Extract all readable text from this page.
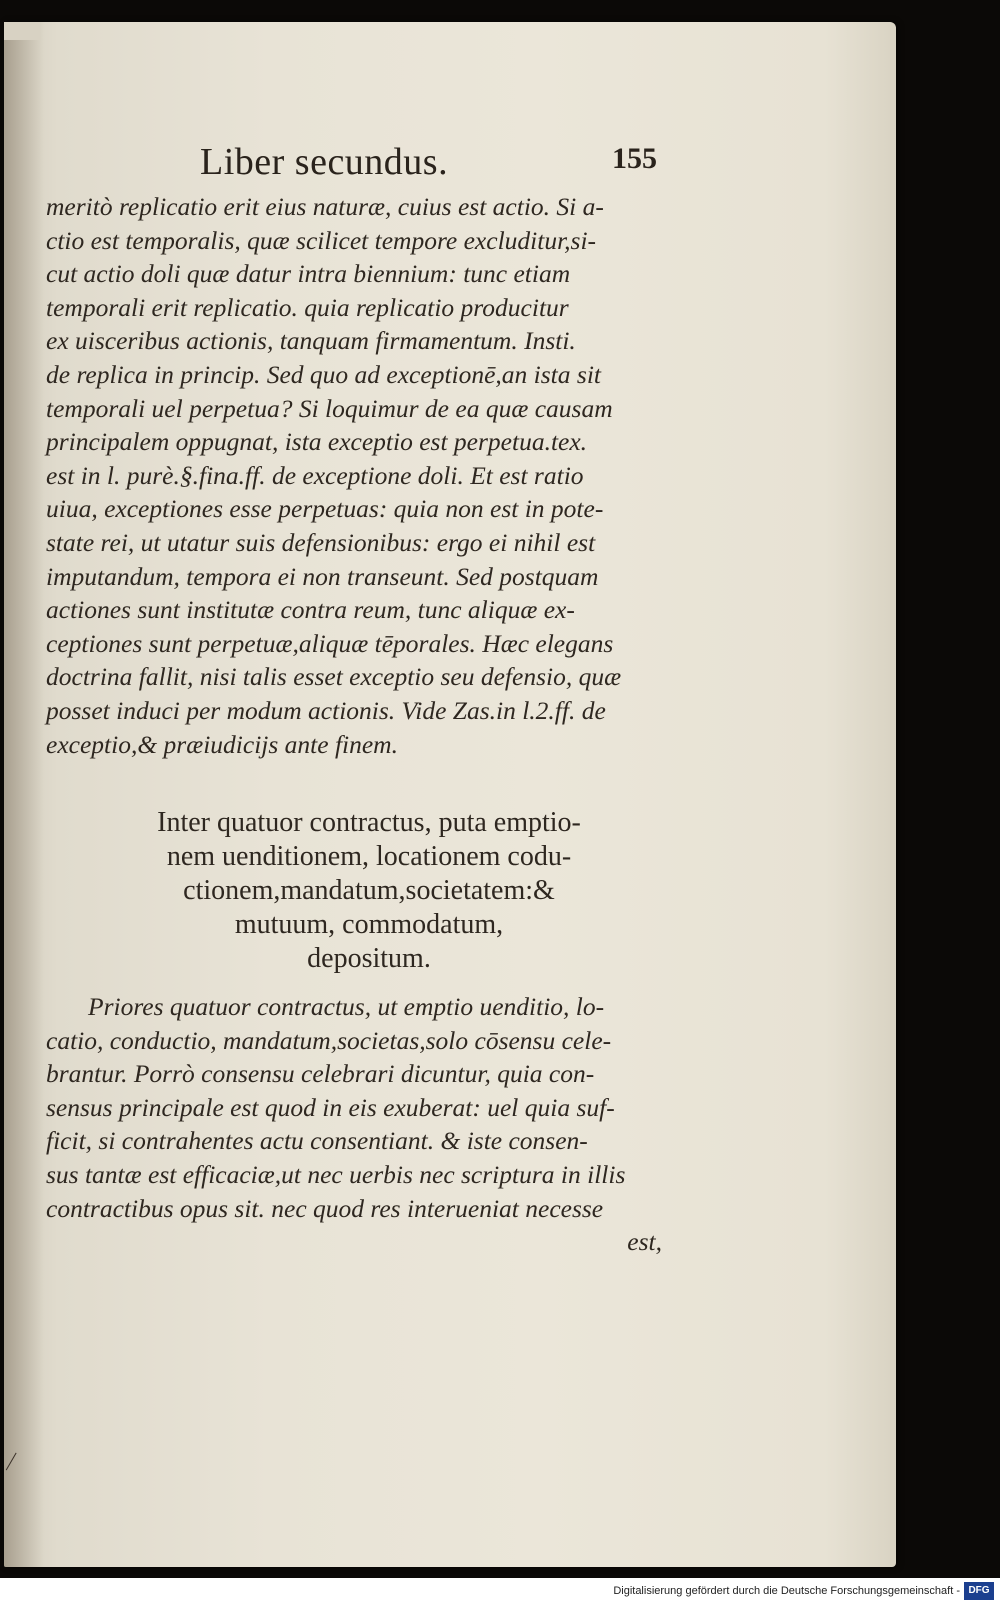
Liber secundus.	155
meritò replicatio erit eius naturæ, cuius est actio. Si a-
ctio est temporalis, quæ scilicet tempore excluditur,si-
cut actio doli quæ datur intra biennium: tunc etiam
temporali erit replicatio. quia replicatio producitur
ex uisceribus actionis, tanquam firmamentum. Insti.
de replica in princip. Sed quo ad exceptionē,an ista sit
temporali uel perpetua? Si loquimur de ea quæ causam
principalem oppugnat, ista exceptio est perpetua.tex.
est in l. purè.§.fina.ff. de exceptione doli. Et est ratio
uiua, exceptiones esse perpetuas: quia non est in pote-
state rei, ut utatur suis defensionibus: ergo ei nihil est
imputandum, tempora ei non transeunt. Sed postquam
actiones sunt institutæ contra reum, tunc aliquæ ex-
ceptiones sunt perpetuæ,aliquæ tēporales. Hæc elegans
doctrina fallit, nisi talis esset exceptio seu defensio, quæ
posset induci per modum actionis. Vide Zas.in l.2.ff. de
exceptio,& præiudicijs ante finem.
Inter quatuor contractus, puta emptio-
nem uenditionem, locationem codu-
ctionem,mandatum,societatem:&
mutuum, commodatum,
depositum.
Priores quatuor contractus, ut emptio uenditio, lo-
catio, conductio, mandatum,societas,solo cōsensu cele-
brantur. Porrò consensu celebrari dicuntur, quia con-
sensus principale est quod in eis exuberat: uel quia suf-
ficit, si contrahentes actu consentiant. & iste consen-
sus tantæ est efficaciæ,ut nec uerbis nec scriptura in illis
contractibus opus sit. nec quod res interueniat necesse
est,
Digitalisierung gefördert durch die Deutsche Forschungsgemeinschaft - DFG
